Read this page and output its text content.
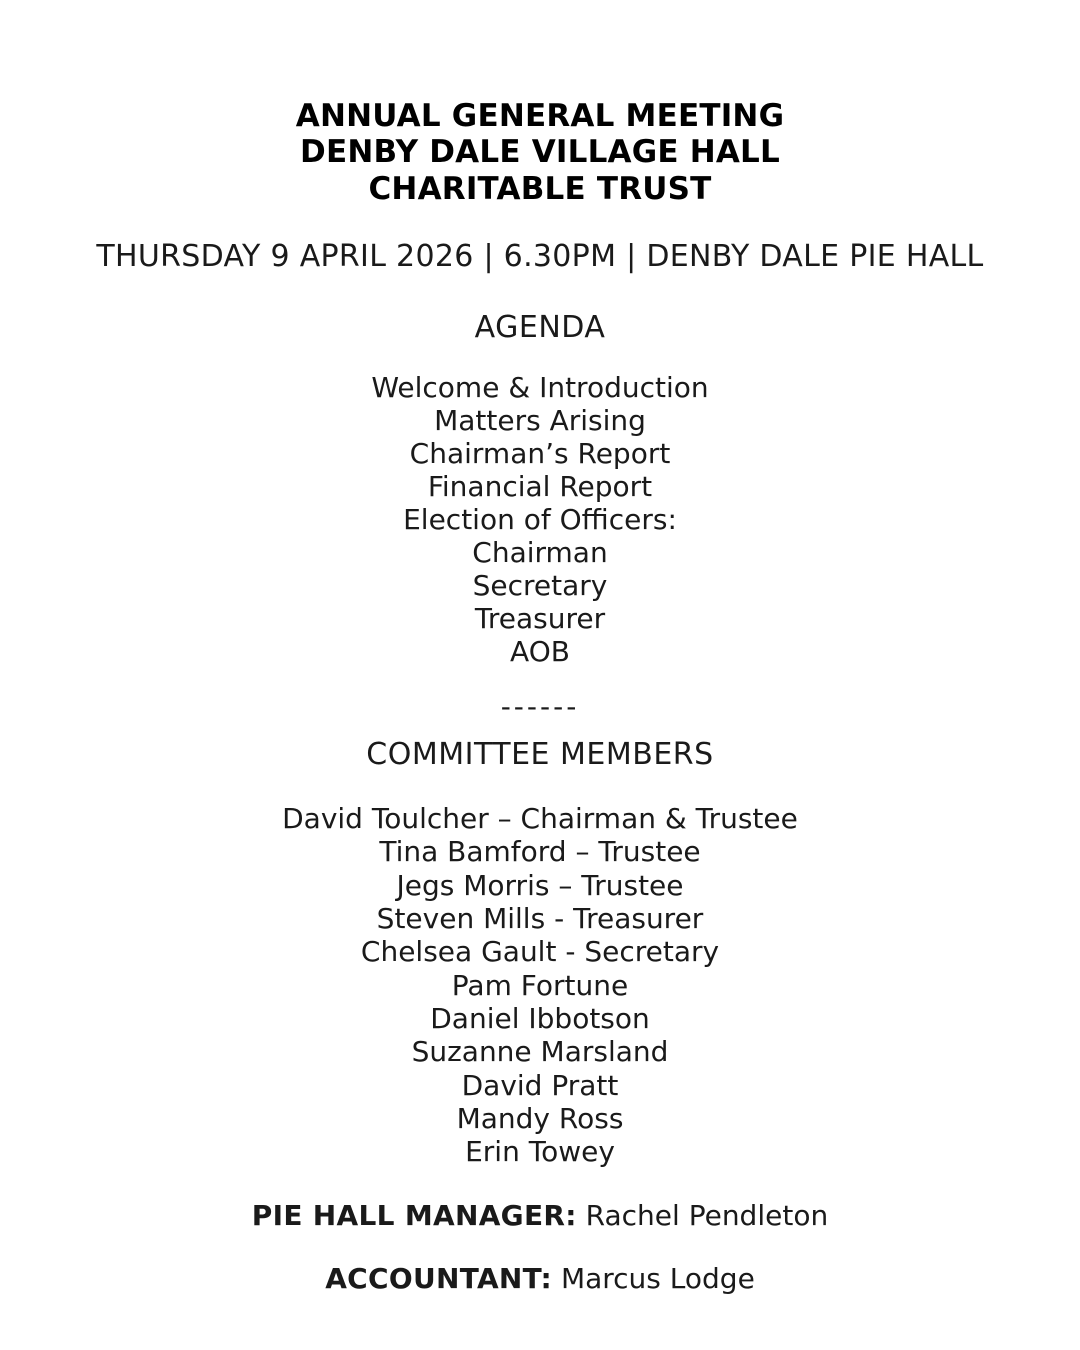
ANNUAL GENERAL MEETING
DENBY DALE VILLAGE HALL
CHARITABLE TRUST
THURSDAY 9 APRIL 2026 | 6.30PM | DENBY DALE PIE HALL
AGENDA
Welcome & Introduction
Matters Arising
Chairman’s Report
Financial Report
Election of Officers:
Chairman
Secretary
Treasurer
AOB
------
COMMITTEE MEMBERS
David Toulcher – Chairman & Trustee
Tina Bamford – Trustee
Jegs Morris – Trustee
Steven Mills - Treasurer
Chelsea Gault - Secretary
Pam Fortune
Daniel Ibbotson
Suzanne Marsland
David Pratt
Mandy Ross
Erin Towey
PIE HALL MANAGER: Rachel Pendleton
ACCOUNTANT: Marcus Lodge
